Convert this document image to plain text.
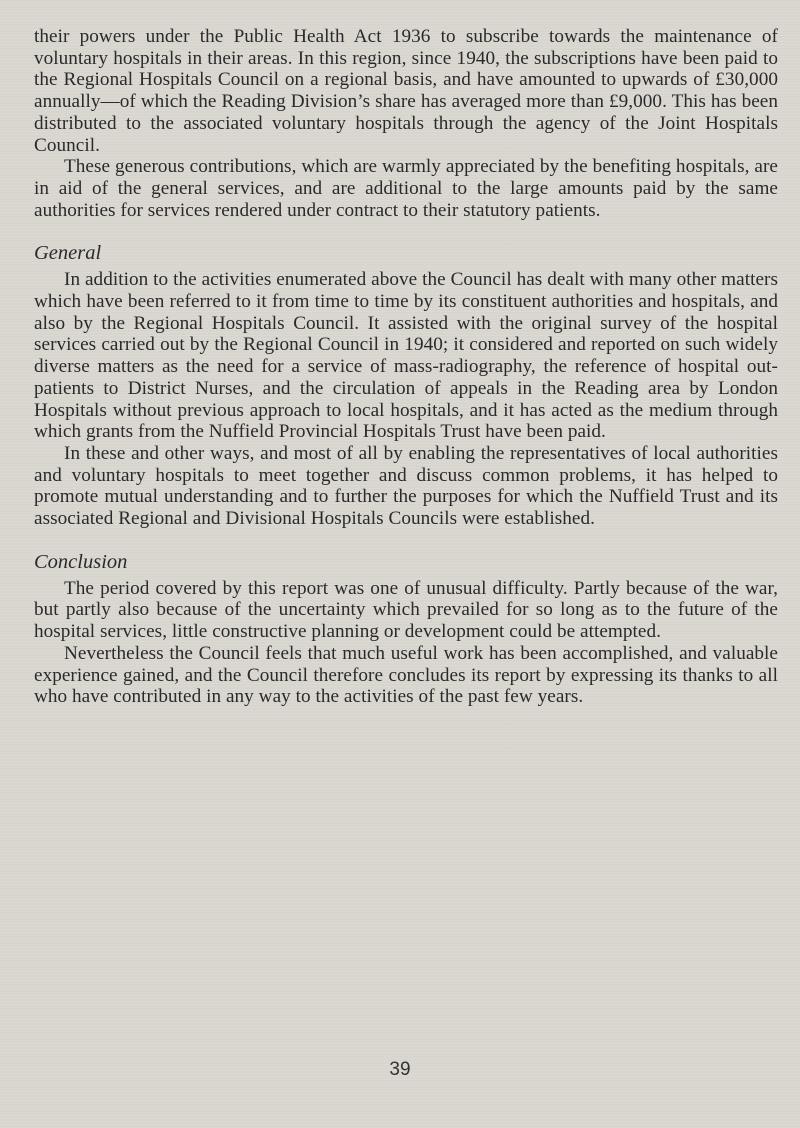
their powers under the Public Health Act 1936 to subscribe towards the maintenance of voluntary hospitals in their areas. In this region, since 1940, the subscriptions have been paid to the Regional Hospitals Council on a regional basis, and have amounted to upwards of £30,000 annually—of which the Reading Division’s share has averaged more than £9,000. This has been distributed to the associated voluntary hospitals through the agency of the Joint Hospitals Council.

These generous contributions, which are warmly appreciated by the benefiting hospitals, are in aid of the general services, and are additional to the large amounts paid by the same authorities for services rendered under contract to their statutory patients.

General

In addition to the activities enumerated above the Council has dealt with many other matters which have been referred to it from time to time by its constituent authorities and hospitals, and also by the Regional Hospitals Council. It assisted with the original survey of the hospital services carried out by the Regional Council in 1940; it considered and reported on such widely diverse matters as the need for a service of mass-radiography, the reference of hospital out-patients to District Nurses, and the circulation of appeals in the Reading area by London Hospitals without previous approach to local hospitals, and it has acted as the medium through which grants from the Nuffield Provincial Hospitals Trust have been paid.

In these and other ways, and most of all by enabling the representatives of local authorities and voluntary hospitals to meet together and discuss common problems, it has helped to promote mutual understanding and to further the purposes for which the Nuffield Trust and its associated Regional and Divisional Hospitals Councils were established.

Conclusion

The period covered by this report was one of unusual difficulty. Partly because of the war, but partly also because of the uncertainty which prevailed for so long as to the future of the hospital services, little constructive planning or development could be attempted.

Nevertheless the Council feels that much useful work has been accomplished, and valuable experience gained, and the Council therefore concludes its report by expressing its thanks to all who have contributed in any way to the activities of the past few years.

39
